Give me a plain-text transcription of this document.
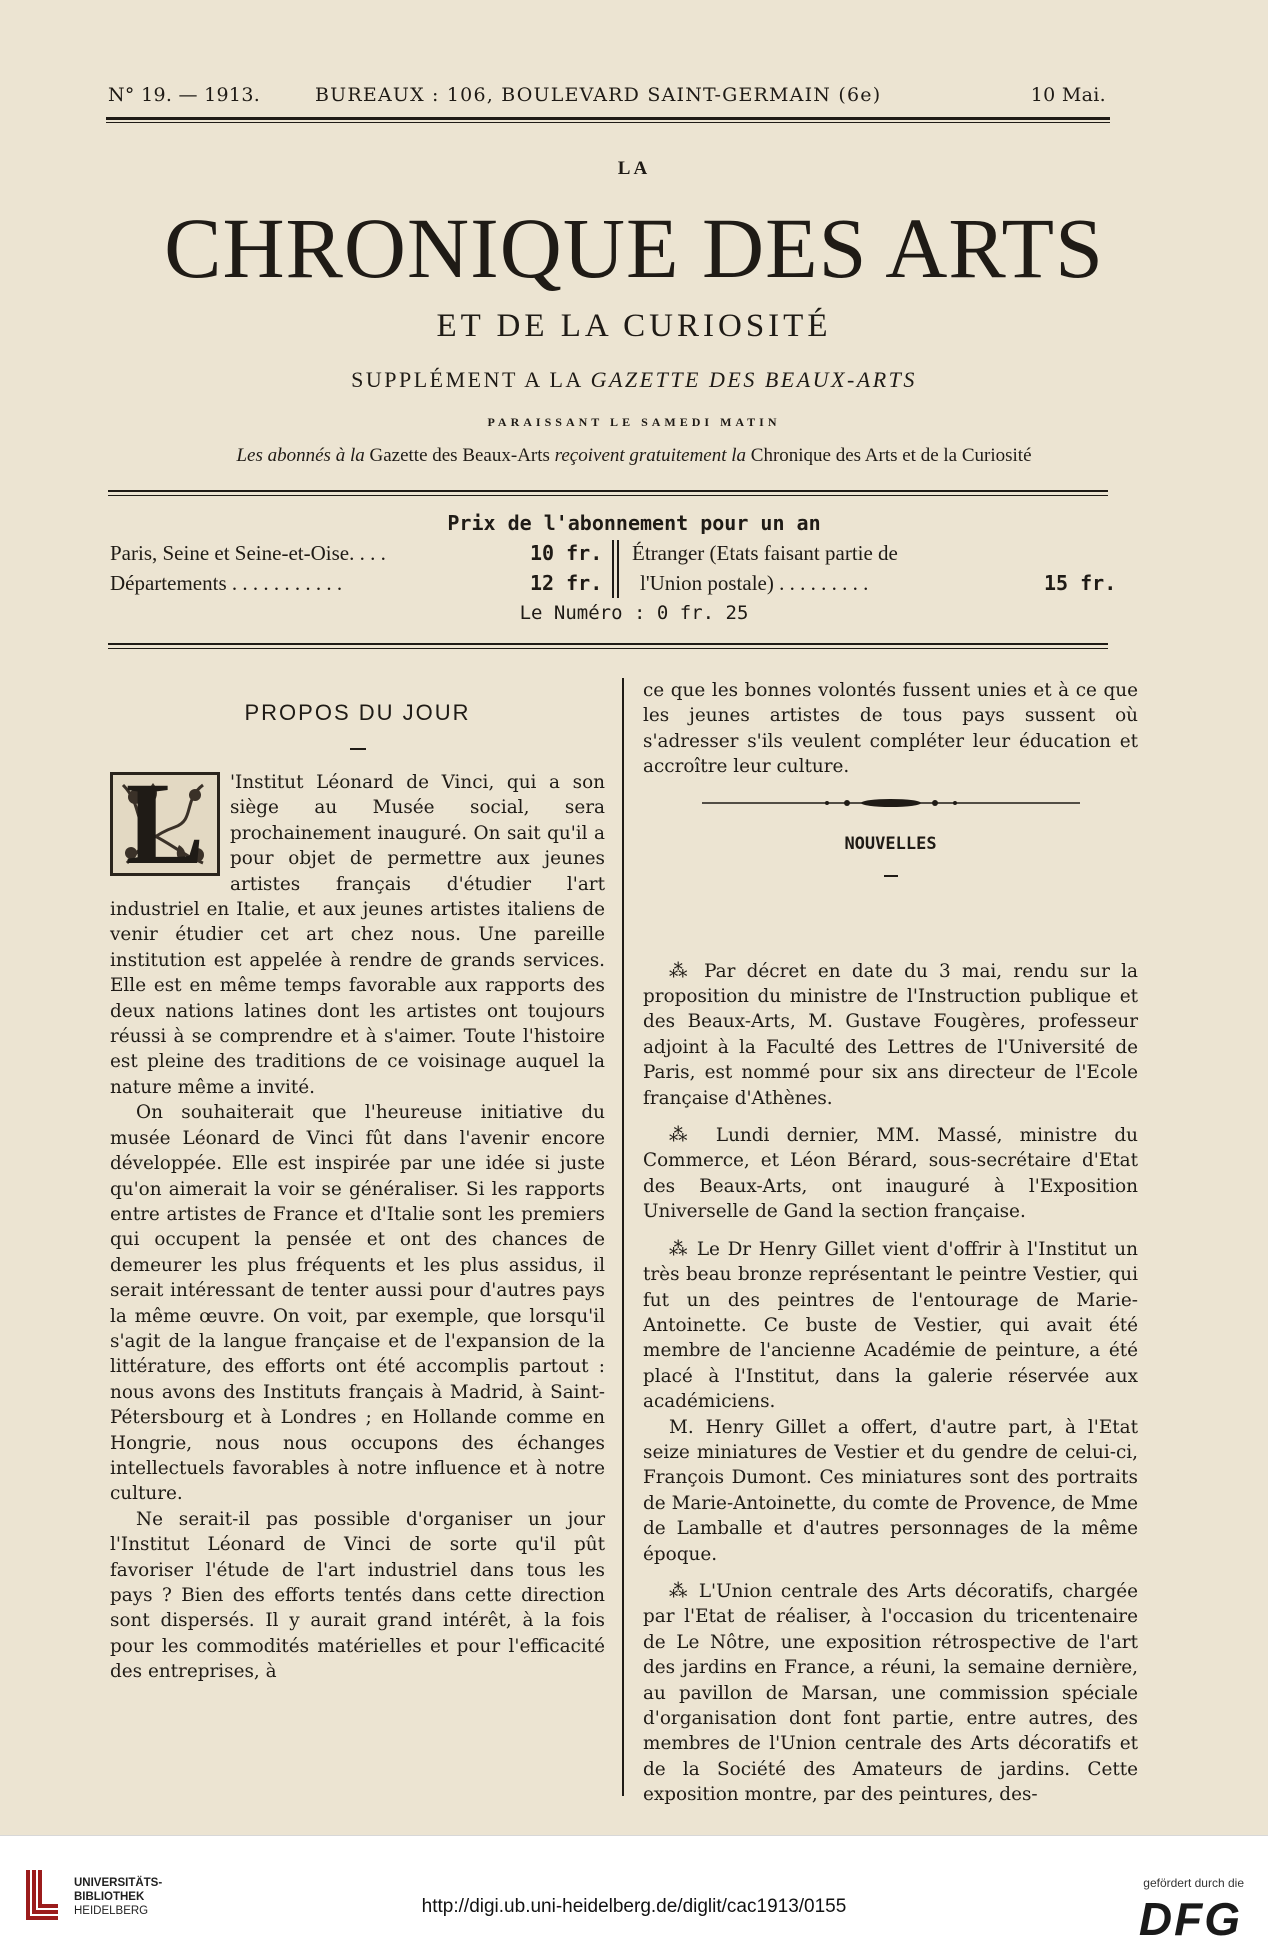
N° 19. — 1913.	BUREAUX : 106, BOULEVARD SAINT-GERMAIN (6e)	10 Mai.
LA
CHRONIQUE DES ARTS
ET DE LA CURIOSITÉ
SUPPLÉMENT A LA GAZETTE DES BEAUX-ARTS
PARAISSANT LE SAMEDI MATIN
Les abonnés à la Gazette des Beaux-Arts reçoivent gratuitement la Chronique des Arts et de la Curiosité
Prix de l'abonnement pour un an
Paris, Seine et Seine-et-Oise. . . .	10 fr.
Départements . . . . . . . . . . .	12 fr.
Étranger (Etats faisant partie de
l'Union postale) . . . . . . . . .	15 fr.
Le Numéro : 0 fr. 25
PROPOS DU JOUR

'Institut Léonard de Vinci, qui a son siège au Musée social, sera prochainement inauguré. On sait qu'il a pour objet de permettre aux jeunes artistes français d'étudier l'art industriel en Italie, et aux jeunes artistes italiens de venir étudier cet art chez nous. Une pareille institution est appelée à rendre de grands services. Elle est en même temps favorable aux rapports des deux nations latines dont les artistes ont toujours réussi à se comprendre et à s'aimer. Toute l'histoire est pleine des traditions de ce voisinage auquel la nature même a invité.

On souhaiterait que l'heureuse initiative du musée Léonard de Vinci fût dans l'avenir encore développée. Elle est inspirée par une idée si juste qu'on aimerait la voir se généraliser. Si les rapports entre artistes de France et d'Italie sont les premiers qui occupent la pensée et ont des chances de demeurer les plus fréquents et les plus assidus, il serait intéressant de tenter aussi pour d'autres pays la même œuvre. On voit, par exemple, que lorsqu'il s'agit de la langue française et de l'expansion de la littérature, des efforts ont été accomplis partout : nous avons des Instituts français à Madrid, à Saint-Pétersbourg et à Londres ; en Hollande comme en Hongrie, nous nous occupons des échanges intellectuels favorables à notre influence et à notre culture.

Ne serait-il pas possible d'organiser un jour l'Institut Léonard de Vinci de sorte qu'il pût favoriser l'étude de l'art industriel dans tous les pays ? Bien des efforts tentés dans cette direction sont dispersés. Il y aurait grand intérêt, à la fois pour les commodités matérielles et pour l'efficacité des entreprises, à

L

ce que les bonnes volontés fussent unies et à ce que les jeunes artistes de tous pays sussent où s'adresser s'ils veulent compléter leur éducation et accroître leur culture.

⁂ Par décret en date du 3 mai, rendu sur la proposition du ministre de l'Instruction publique et des Beaux-Arts, M. Gustave Fougères, professeur adjoint à la Faculté des Lettres de l'Université de Paris, est nommé pour six ans directeur de l'Ecole française d'Athènes.

⁂ Lundi dernier, MM. Massé, ministre du Commerce, et Léon Bérard, sous-secrétaire d'Etat des Beaux-Arts, ont inauguré à l'Exposition Universelle de Gand la section française.

⁂ Le Dr Henry Gillet vient d'offrir à l'Institut un très beau bronze représentant le peintre Vestier, qui fut un des peintres de l'entourage de Marie-Antoinette. Ce buste de Vestier, qui avait été membre de l'ancienne Académie de peinture, a été placé à l'Institut, dans la galerie réservée aux académiciens.

M. Henry Gillet a offert, d'autre part, à l'Etat seize miniatures de Vestier et du gendre de celui-ci, François Dumont. Ces miniatures sont des portraits de Marie-Antoinette, du comte de Provence, de Mme de Lamballe et d'autres personnages de la même époque.

⁂ L'Union centrale des Arts décoratifs, chargée par l'Etat de réaliser, à l'occasion du tricentenaire de Le Nôtre, une exposition rétrospective de l'art des jardins en France, a réuni, la semaine dernière, au pavillon de Marsan, une commission spéciale d'organisation dont font partie, entre autres, des membres de l'Union centrale des Arts décoratifs et de la Société des Amateurs de jardins. Cette exposition montre, par des peintures, des-

NOUVELLES
UNIVERSITÄTS-
BIBLIOTHEK
HEIDELBERG	http://digi.ub.uni-heidelberg.de/diglit/cac1913/0155
gefördert durch die
DFG
